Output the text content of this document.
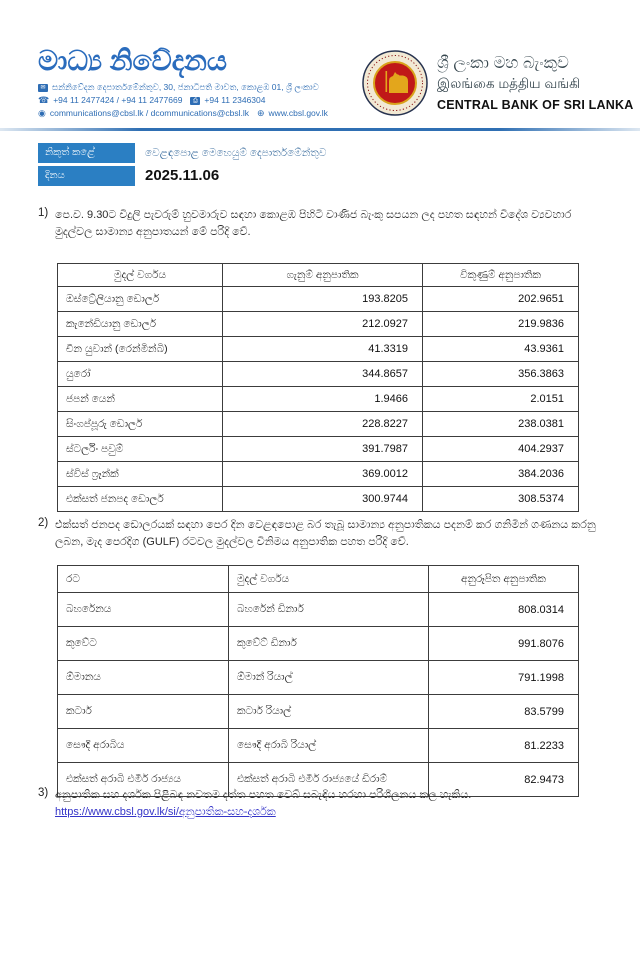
මාධ්‍ය නිවේදනය
✉ සන්නිවේදන දෙපාර්තමේන්තුව, 30, ජනාධිපති මාවත, කොළඹ 01, ශ්‍රී ලංකාව
☎ +94 11 2477424 / +94 11 2477669	⎙ +94 11 2346304
◉ communications@cbsl.lk / dcommunications@cbsl.lk ⊕ www.cbsl.gov.lk
ශ්‍රී ලංකා මහ බැංකුව
இலங்கை மத்திய வங்கி
CENTRAL BANK OF SRI LANKA
නිකුත් කළේ	වෙළඳපොළ මෙහෙයුම් දෙපාර්තමේන්තුව
දිනය	2025.11.06
1) පෙ.ව. 9.30ට විදුලි පැවරුම් හුවමාරුව සඳහා කොළඹ පිහිටි වාණිජ බැංකු සපයන ලද පහත සඳහන් විදේශ ව්‍යවහාර මුදල්වල සාමාන්‍ය අනුපාතයන් මේ පරිදි වේ.
මුදල් වර්ගය	ගැනුම් අනුපාතික	විකුණුම් අනුපාතික
ඔස්ට්‍රේලියානු ඩොලර්	193.8205	202.9651
කැනේඩියානු ඩොලර්	212.0927	219.9836
චීන යුවාන් (රෙන්මින්බි)	41.3319	43.9361
යුරෝ	344.8657	356.3863
ජපන් යෙන්	1.9466	2.0151
සිංගප්පූරු ඩොලර්	228.8227	238.0381
ස්ටර්ලිං පවුම්	391.7987	404.2937
ස්විස් ෆ්‍රෑන්ක්	369.0012	384.2036
එක්සත් ජනපද ඩොලර්	300.9744	308.5374
2) එක්සත් ජනපද ඩොලරයක් සඳහා පෙර දින වෙළඳපොළ බර තැබූ සාමාන්‍ය අනුපාතිකය පදනම් කර ගනිමින් ගණනය කරනු ලබන, මැද පෙරදිග (GULF) රටවල මුදල්වල විනිමය අනුපාතික පහත පරිදි වේ.
රට	මුදල් වර්ගය	අනුරූපිත අනුපාතික
බහරේනය	බහරේන් ඩිනාර්	808.0314
කුවේට	කුවේට් ඩිනාර්	991.8076
ඕමානය	ඕමාන් රියාල්	791.1998
කටාර්	කටාර් රියාල්	83.5799
සෞදි අරාබිය	සෞදි අරාබි රියාල්	81.2233
එක්සත් අරාබි එමීර් රාජ්‍යය	එක්සත් අරාබි එමීර් රාජ්‍යයේ ඩිරාම්	82.9473
3) අනුපාතික සහ දර්ශක පිළිබඳ නවතම දත්ත පහත වෙබ් සබැඳිය හරහා පරිශීලනය කල හැකිය.
https://www.cbsl.gov.lk/si/අනුපාතික-සහ-දර්ශක
